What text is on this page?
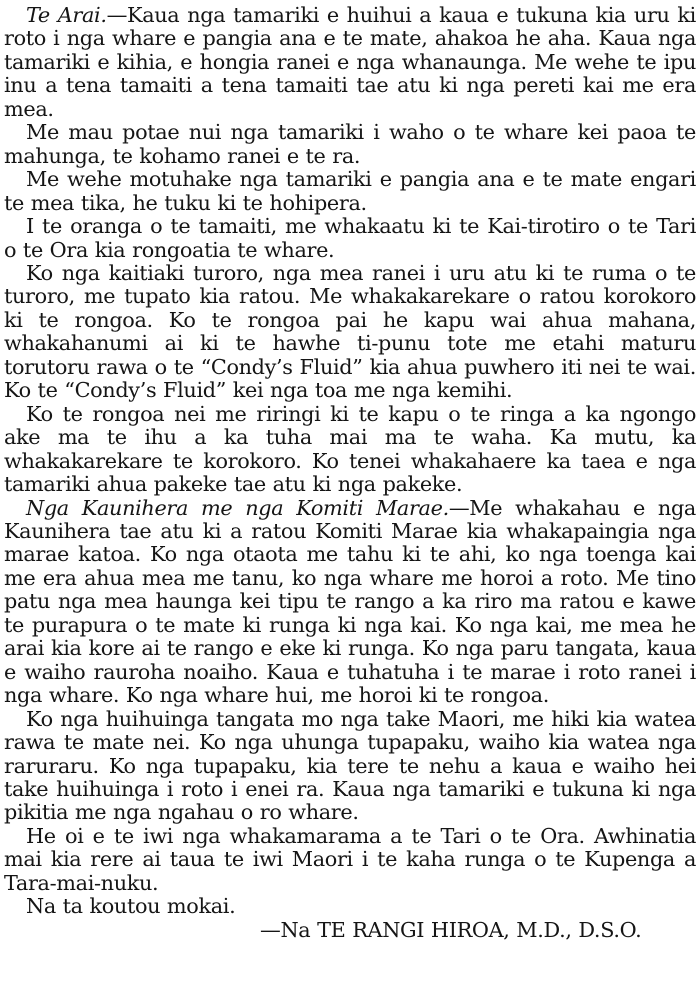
Te Arai.—Kaua nga tamariki e huihui a kaua e tukuna kia uru ki roto i nga whare e pangia ana e te mate, ahakoa he aha. Kaua nga tamariki e kihia, e hongia ranei e nga whanaunga. Me wehe te ipu inu a tena tamaiti a tena tamaiti tae atu ki nga pereti kai me era mea.

Me mau potae nui nga tamariki i waho o te whare kei paoa te mahunga, te kohamo ranei e te ra.

Me wehe motuhake nga tamariki e pangia ana e te mate engari te mea tika, he tuku ki te hohipera.

I te oranga o te tamaiti, me whakaatu ki te Kai-tirotiro o te Tari o te Ora kia rongoatia te whare.

Ko nga kaitiaki turoro, nga mea ranei i uru atu ki te ruma o te turoro, me tupato kia ratou. Me whakakarekare o ratou korokoro ki te rongoa. Ko te rongoa pai he kapu wai ahua mahana, whakahanumi ai ki te hawhe ti-punu tote me etahi maturu torutoru rawa o te “Condy’s Fluid” kia ahua puwhero iti nei te wai. Ko te “Condy’s Fluid” kei nga toa me nga kemihi.

Ko te rongoa nei me riringi ki te kapu o te ringa a ka ngongo ake ma te ihu a ka tuha mai ma te waha. Ka mutu, ka whakakarekare te korokoro. Ko tenei whakahaere ka taea e nga tamariki ahua pakeke tae atu ki nga pakeke.

Nga Kaunihera me nga Komiti Marae.—Me whakahau e nga Kaunihera tae atu ki a ratou Komiti Marae kia whakapaingia nga marae katoa. Ko nga otaota me tahu ki te ahi, ko nga toenga kai me era ahua mea me tanu, ko nga whare me horoi a roto. Me tino patu nga mea haunga kei tipu te rango a ka riro ma ratou e kawe te purapura o te mate ki runga ki nga kai. Ko nga kai, me mea he arai kia kore ai te rango e eke ki runga. Ko nga paru tangata, kaua e waiho rauroha noaiho. Kaua e tuhatuha i te marae i roto ranei i nga whare. Ko nga whare hui, me horoi ki te rongoa.

Ko nga huihuinga tangata mo nga take Maori, me hiki kia watea rawa te mate nei. Ko nga uhunga tupapaku, waiho kia watea nga raruraru. Ko nga tupapaku, kia tere te nehu a kaua e waiho hei take huihuinga i roto i enei ra. Kaua nga tamariki e tukuna ki nga pikitia me nga ngahau o ro whare.

He oi e te iwi nga whakamarama a te Tari o te Ora. Awhinatia mai kia rere ai taua te iwi Maori i te kaha runga o te Kupenga a Tara-mai-nuku.

Na ta koutou mokai.

—Na TE RANGI HIROA, M.D., D.S.O.
